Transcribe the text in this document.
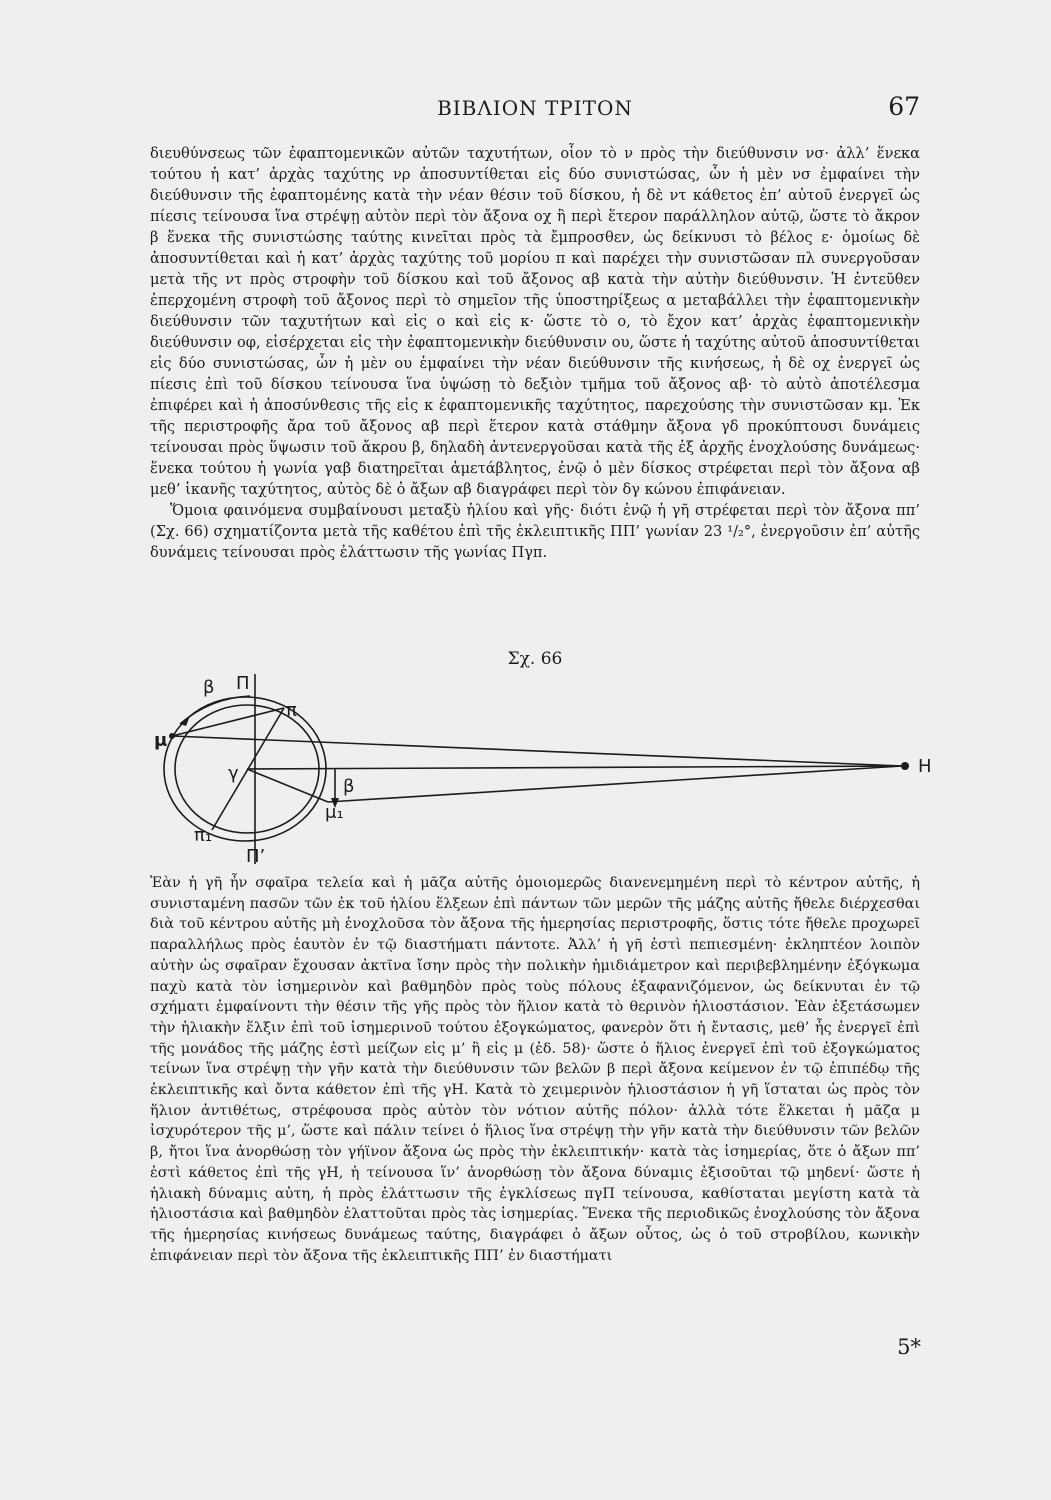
ΒΙΒΛΙΟΝ ΤΡΙΤΟΝ	67

διευθύνσεως τῶν ἐφαπτομενικῶν αὐτῶν ταχυτήτων, οἷον τὸ ν πρὸς τὴν διεύθυνσιν νσ· ἀλλ’ ἕνεκα τούτου ἡ κατ’ ἀρχὰς ταχύτης νρ ἀποσυντίθεται εἰς δύο συνιστώσας, ὧν ἡ μὲν νσ ἐμφαίνει τὴν διεύθυνσιν τῆς ἐφαπτομένης κατὰ τὴν νέαν θέσιν τοῦ δίσκου, ἡ δὲ ντ κάθετος ἐπ’ αὐτοῦ ἐνεργεῖ ὡς πίεσις τείνουσα ἵνα στρέψῃ αὐτὸν περὶ τὸν ἄξονα οχ ἢ περὶ ἕτερον παράλληλον αὐτῷ, ὥστε τὸ ἄκρον β ἕνεκα τῆς συνιστώσης ταύτης κινεῖται πρὸς τὰ ἔμπροσθεν, ὡς δείκνυσι τὸ βέλος ε· ὁμοίως δὲ ἀποσυντίθεται καὶ ἡ κατ’ ἀρχὰς ταχύτης τοῦ μορίου π καὶ παρέχει τὴν συνιστῶσαν πλ συνεργοῦσαν μετὰ τῆς ντ πρὸς στροφὴν τοῦ δίσκου καὶ τοῦ ἄξονος αβ κατὰ τὴν αὐτὴν διεύθυνσιν. Ἡ ἐντεῦθεν ἐπερχομένη στροφὴ τοῦ ἄξονος περὶ τὸ σημεῖον τῆς ὑποστηρίξεως α μεταβάλλει τὴν ἐφαπτομενικὴν διεύθυνσιν τῶν ταχυτήτων καὶ εἰς ο καὶ εἰς κ· ὥστε τὸ ο, τὸ ἔχον κατ’ ἀρχὰς ἐφαπτομενικὴν διεύθυνσιν οφ, εἰσέρχεται εἰς τὴν ἐφαπτομενικὴν διεύθυνσιν ου, ὥστε ἡ ταχύτης αὐτοῦ ἀποσυντίθεται εἰς δύο συνιστώσας, ὧν ἡ μὲν ου ἐμφαίνει τὴν νέαν διεύθυνσιν τῆς κινήσεως, ἡ δὲ οχ ἐνεργεῖ ὡς πίεσις ἐπὶ τοῦ δίσκου τείνουσα ἵνα ὑψώσῃ τὸ δεξιὸν τμῆμα τοῦ ἄξονος αβ· τὸ αὐτὸ ἀποτέλεσμα ἐπιφέρει καὶ ἡ ἀποσύνθεσις τῆς εἰς κ ἐφαπτομενικῆς ταχύτητος, παρεχούσης τὴν συνιστῶσαν κμ. Ἐκ τῆς περιστροφῆς ἄρα τοῦ ἄξονος αβ περὶ ἕτερον κατὰ στάθμην ἄξονα γδ προκύπτουσι δυνάμεις τείνουσαι πρὸς ὕψωσιν τοῦ ἄκρου β, δηλαδὴ ἀντενεργοῦσαι κατὰ τῆς ἐξ ἀρχῆς ἐνοχλούσης δυνάμεως· ἕνεκα τούτου ἡ γωνία γαβ διατηρεῖται ἀμετάβλητος, ἐνῷ ὁ μὲν δίσκος στρέφεται περὶ τὸν ἄξονα αβ μεθ’ ἱκανῆς ταχύτητος, αὐτὸς δὲ ὁ ἄξων αβ διαγράφει περὶ τὸν δγ κώνου ἐπιφάνειαν.

Ὅμοια φαινόμενα συμβαίνουσι μεταξὺ ἡλίου καὶ γῆς· διότι ἐνῷ ἡ γῆ στρέφεται περὶ τὸν ἄξονα ππ’ (Σχ. 66) σχηματίζοντα μετὰ τῆς καθέτου ἐπὶ τῆς ἐκλειπτικῆς ΠΠ’ γωνίαν 23 ¹/₂°, ἐνεργοῦσιν ἐπ’ αὐτῆς δυνάμεις τείνουσαι πρὸς ἐλάττωσιν τῆς γωνίας Πγπ.

Σχ. 66
β Π
π
μ
γ
β
μ₁
π₁
Π’
Η

Ἐὰν ἡ γῆ ἦν σφαῖρα τελεία καὶ ἡ μᾶζα αὐτῆς ὁμοιομερῶς διανενεμημένη περὶ τὸ κέντρον αὐτῆς, ἡ συνισταμένη πασῶν τῶν ἐκ τοῦ ἡλίου ἕλξεων ἐπὶ πάντων τῶν μερῶν τῆς μάζης αὐτῆς ἤθελε διέρχεσθαι διὰ τοῦ κέντρου αὐτῆς μὴ ἐνοχλοῦσα τὸν ἄξονα τῆς ἡμερησίας περιστροφῆς, ὅστις τότε ἤθελε προχωρεῖ παραλλήλως πρὸς ἑαυτὸν ἐν τῷ διαστήματι πάντοτε. Ἀλλ’ ἡ γῆ ἐστὶ πεπιεσμένη· ἐκληπτέον λοιπὸν αὐτὴν ὡς σφαῖραν ἔχουσαν ἀκτῖνα ἴσην πρὸς τὴν πολικὴν ἡμιδιάμετρον καὶ περιβεβλημένην ἐξόγκωμα παχὺ κατὰ τὸν ἰσημερινὸν καὶ βαθμηδὸν πρὸς τοὺς πόλους ἐξαφανιζόμενον, ὡς δείκνυται ἐν τῷ σχήματι ἐμφαίνοντι τὴν θέσιν τῆς γῆς πρὸς τὸν ἥλιον κατὰ τὸ θερινὸν ἡλιοστάσιον. Ἐὰν ἐξετάσωμεν τὴν ἡλιακὴν ἕλξιν ἐπὶ τοῦ ἰσημερινοῦ τούτου ἐξογκώματος, φανερὸν ὅτι ἡ ἔντασις, μεθ’ ἧς ἐνεργεῖ ἐπὶ τῆς μονάδος τῆς μάζης ἐστὶ μείζων εἰς μ’ ἢ εἰς μ (ἐδ. 58)· ὥστε ὁ ἥλιος ἐνεργεῖ ἐπὶ τοῦ ἐξογκώματος τείνων ἵνα στρέψῃ τὴν γῆν κατὰ τὴν διεύθυνσιν τῶν βελῶν β περὶ ἄξονα κείμενον ἐν τῷ ἐπιπέδῳ τῆς ἐκλειπτικῆς καὶ ὄντα κάθετον ἐπὶ τῆς γΗ. Κατὰ τὸ χειμερινὸν ἡλιοστάσιον ἡ γῆ ἵσταται ὡς πρὸς τὸν ἥλιον ἀντιθέτως, στρέφουσα πρὸς αὐτὸν τὸν νότιον αὐτῆς πόλον· ἀλλὰ τότε ἕλκεται ἡ μᾶζα μ ἰσχυρότερον τῆς μ’, ὥστε καὶ πάλιν τείνει ὁ ἥλιος ἵνα στρέψῃ τὴν γῆν κατὰ τὴν διεύθυνσιν τῶν βελῶν β, ἤτοι ἵνα ἀνορθώσῃ τὸν γήϊνον ἄξονα ὡς πρὸς τὴν ἐκλειπτικήν· κατὰ τὰς ἰσημερίας, ὅτε ὁ ἄξων ππ’ ἐστὶ κάθετος ἐπὶ τῆς γΗ, ἡ τείνουσα ἵν’ ἀνορθώσῃ τὸν ἄξονα δύναμις ἐξισοῦται τῷ μηδενί· ὥστε ἡ ἡλιακὴ δύναμις αὐτη, ἡ πρὸς ἐλάττωσιν τῆς ἐγκλίσεως πγΠ τείνουσα, καθίσταται μεγίστη κατὰ τὰ ἡλιοστάσια καὶ βαθμηδὸν ἐλαττοῦται πρὸς τὰς ἰσημερίας. Ἕνεκα τῆς περιοδικῶς ἐνοχλούσης τὸν ἄξονα τῆς ἡμερησίας κινήσεως δυνάμεως ταύτης, διαγράφει ὁ ἄξων οὗτος, ὡς ὁ τοῦ στροβίλου, κωνικὴν ἐπιφάνειαν περὶ τὸν ἄξονα τῆς ἐκλειπτικῆς ΠΠ’ ἐν διαστήματι

5*
